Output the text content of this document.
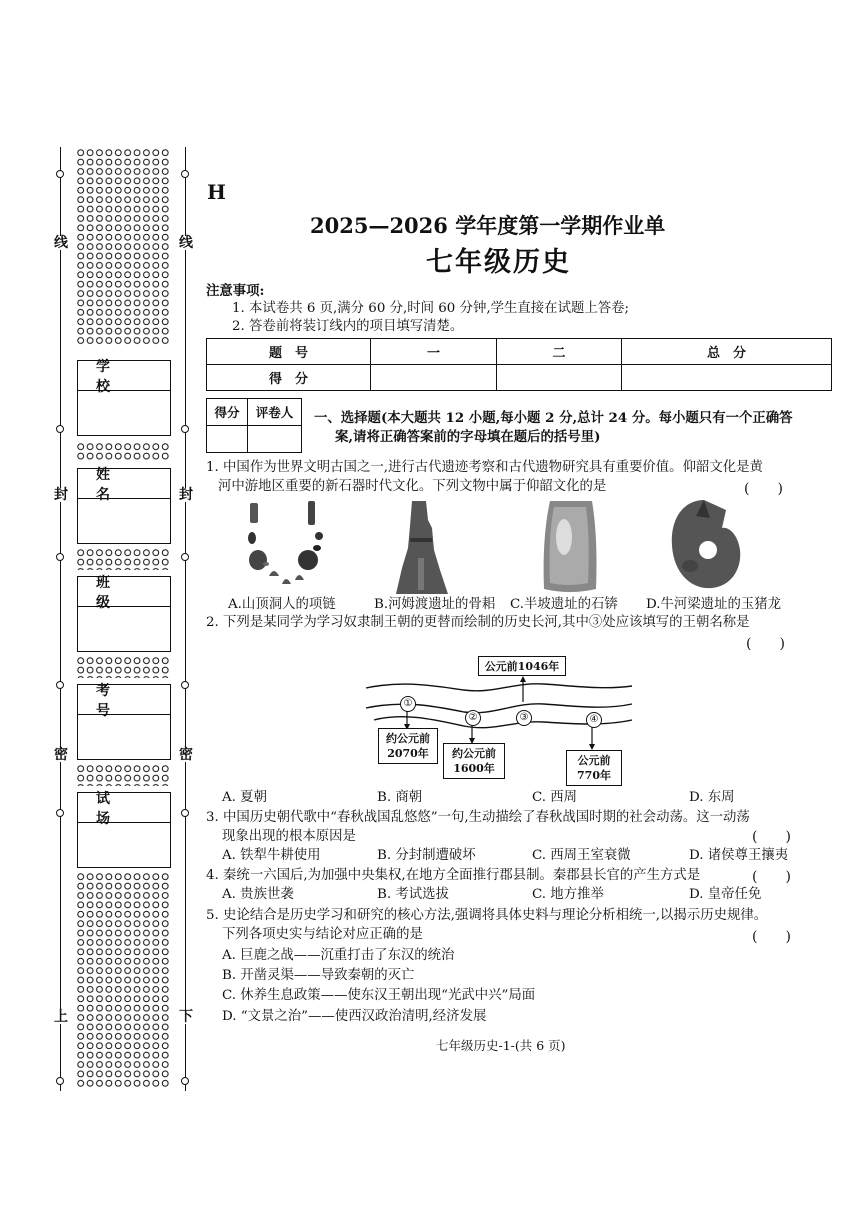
线
封
密
上
线
封
密
下
学 校
姓 名
班 级
考 号
试 场
H
2025—2026 学年度第一学期作业单
七年级历史
注意事项:
1. 本试卷共 6 页,满分 60 分,时间 60 分钟,学生直接在试题上答卷;
2. 答卷前将装订线内的项目填写清楚。
题　号	一	二	总　分
得　分			
得分	评卷人
	一、选择题(本大题共 12 小题,每小题 2 分,总计 24 分。每小题只有一个正确答
案,请将正确答案前的字母填在题后的括号里)
1. 中国作为世界文明古国之一,进行古代遗迹考察和古代遗物研究具有重要价值。仰韶文化是黄
河中游地区重要的新石器时代文化。下列文物中属于仰韶文化的是	(　　)
A.山顶洞人的项链	B.河姆渡遗址的骨耜 C.半坡遗址的石锛 D.牛河梁遗址的玉猪龙
2. 下列是某同学为学习奴隶制王朝的更替而绘制的历史长河,其中③处应该填写的王朝名称是
(　　)
①
②	③	④
公元前1046年
约公元前
2070年	约公元前
1600年
公元前
770年
A. 夏朝	B. 商朝	C. 西周	D. 东周
3. 中国历史朝代歌中“春秋战国乱悠悠”一句,生动描绘了春秋战国时期的社会动荡。这一动荡
现象出现的根本原因是	(　　)
A. 铁犁牛耕使用	B. 分封制遭破坏	C. 西周王室衰微	D. 诸侯尊王攘夷
4. 秦统一六国后,为加强中央集权,在地方全面推行郡县制。秦郡县长官的产生方式是	(　　)
A. 贵族世袭	B. 考试选拔	C. 地方推举	D. 皇帝任免
5. 史论结合是历史学习和研究的核心方法,强调将具体史料与理论分析相统一,以揭示历史规律。
下列各项史实与结论对应正确的是	(　　)
A. 巨鹿之战——沉重打击了东汉的统治
B. 开凿灵渠——导致秦朝的灭亡
C. 休养生息政策——使东汉王朝出现“光武中兴”局面
D. “文景之治”——使西汉政治清明,经济发展
七年级历史-1-(共 6 页)
